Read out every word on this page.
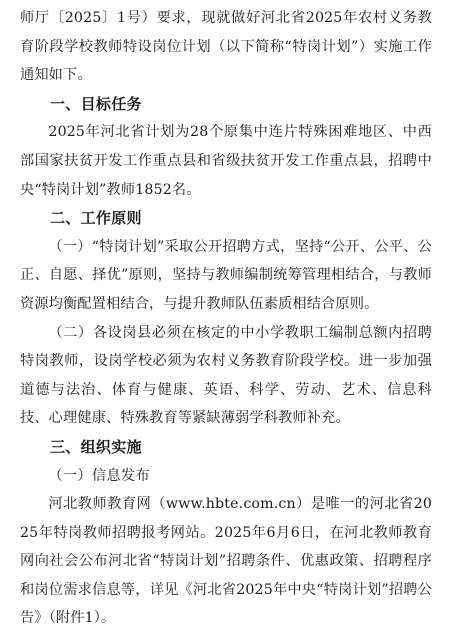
师厅〔2025〕1号）要求，现就做好河北省2025年农村义务教育阶段学校教师特设岗位计划（以下简称“特岗计划”）实施工作通知如下。

一、目标任务

2025年河北省计划为28个原集中连片特殊困难地区、中西部国家扶贫开发工作重点县和省级扶贫开发工作重点县，招聘中央“特岗计划”教师1852名。

二、工作原则

（一）“特岗计划”采取公开招聘方式，坚持“公开、公平、公正、自愿、择优”原则，坚持与教师编制统筹管理相结合，与教师资源均衡配置相结合，与提升教师队伍素质相结合原则。

（二）各设岗县必须在核定的中小学教职工编制总额内招聘特岗教师，设岗学校必须为农村义务教育阶段学校。进一步加强道德与法治、体育与健康、英语、科学、劳动、艺术、信息科技、心理健康、特殊教育等紧缺薄弱学科教师补充。

三、组织实施

（一）信息发布

河北教师教育网（www.hbte.com.cn）是唯一的河北省2025年特岗教师招聘报考网站。2025年6月6日，在河北教师教育网向社会公布河北省“特岗计划”招聘条件、优惠政策、招聘程序和岗位需求信息等，详见《河北省2025年中央“特岗计划”招聘公告》（附件1）。
